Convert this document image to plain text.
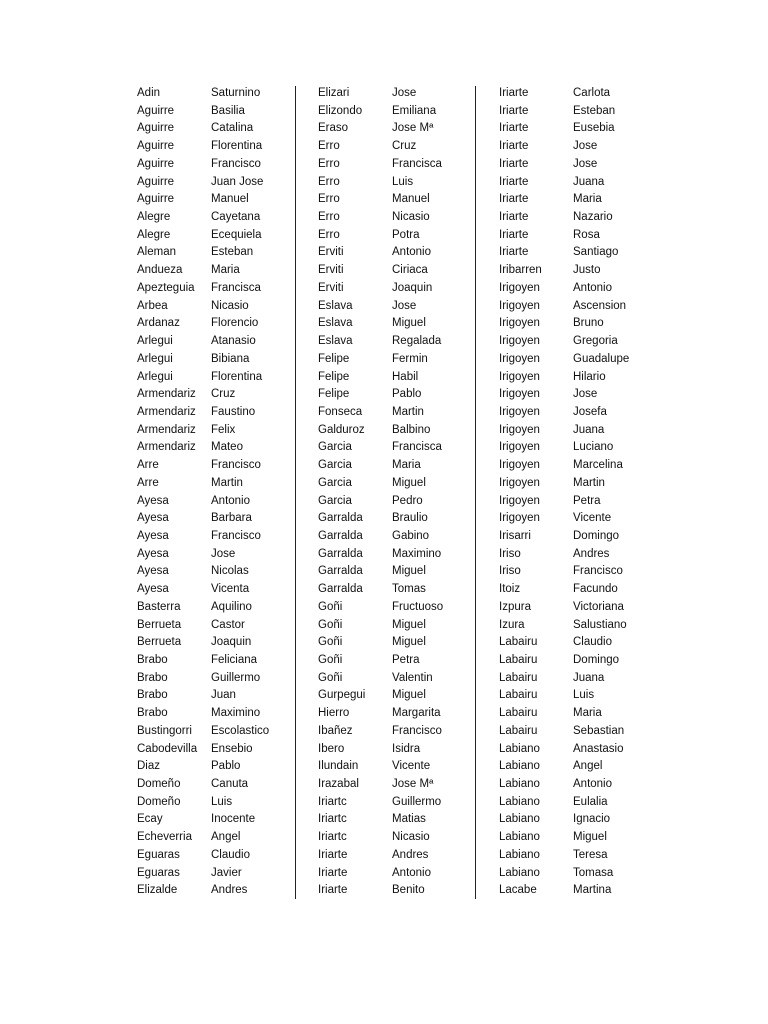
Adin	Saturnino
Aguirre	Basilia
Aguirre	Catalina
Aguirre	Florentina
Aguirre	Francisco
Aguirre	Juan Jose
Aguirre	Manuel
Alegre	Cayetana
Alegre	Ecequiela
Aleman	Esteban
Andueza Maria
Apezteguia Francisca
Arbea	Nicasio
Ardanaz	Florencio
Arlegui	Atanasio
Arlegui	Bibiana
Arlegui	Florentina
Armendariz Cruz
Armendariz Faustino
Armendariz Felix
Armendariz Mateo
Arre	Francisco
Arre	Martin
Ayesa	Antonio
Ayesa	Barbara
Ayesa	Francisco
Ayesa	Jose
Ayesa	Nicolas
Ayesa	Vicenta
Basterra	Aquilino
Berrueta	Castor
Berrueta	Joaquin
Brabo	Feliciana
Brabo	Guillermo
Brabo	Juan
Brabo	Maximino
Bustingorri Escolastico
Cabodevilla Ensebio
Diaz	Pablo
Domeño	Canuta
Domeño	Luis
Ecay	Inocente
Echeverria Angel
Eguaras	Claudio
Eguaras	Javier
Elizalde	Andres
Elizari	Jose
Elizondo	Emiliana
Eraso	Jose Mª
Erro	Cruz
Erro	Francisca
Erro	Luis
Erro	Manuel
Erro	Nicasio
Erro	Potra
Erviti	Antonio
Erviti	Ciriaca
Erviti	Joaquin
Eslava	Jose
Eslava	Miguel
Eslava	Regalada
Felipe	Fermin
Felipe	Habil
Felipe	Pablo
Fonseca	Martin
Galduroz Balbino
Garcia	Francisca
Garcia	Maria
Garcia	Miguel
Garcia	Pedro
Garralda	Braulio
Garralda	Gabino
Garralda	Maximino
Garralda	Miguel
Garralda	Tomas
Goñi	Fructuoso
Goñi	Miguel
Goñi	Miguel
Goñi	Petra
Goñi	Valentin
Gurpegui Miguel
Hierro	Margarita
Ibañez	Francisco
Ibero	Isidra
Ilundain	Vicente
Irazabal	Jose Mª
Iriartc	Guillermo
Iriartc	Matias
Iriartc	Nicasio
Iriarte	Andres
Iriarte	Antonio
Iriarte	Benito
Iriarte	Carlota
Iriarte	Esteban
Iriarte	Eusebia
Iriarte	Jose
Iriarte	Jose
Iriarte	Juana
Iriarte	Maria
Iriarte	Nazario
Iriarte	Rosa
Iriarte	Santiago
Iribarren	Justo
Irigoyen	Antonio
Irigoyen	Ascension
Irigoyen	Bruno
Irigoyen	Gregoria
Irigoyen	Guadalupe
Irigoyen	Hilario
Irigoyen	Jose
Irigoyen	Josefa
Irigoyen	Juana
Irigoyen	Luciano
Irigoyen	Marcelina
Irigoyen	Martin
Irigoyen	Petra
Irigoyen	Vicente
Irisarri	Domingo
Iriso	Andres
Iriso	Francisco
Itoiz	Facundo
Izpura	Victoriana
Izura	Salustiano
Labairu	Claudio
Labairu	Domingo
Labairu	Juana
Labairu	Luis
Labairu	Maria
Labairu	Sebastian
Labiano	Anastasio
Labiano	Angel
Labiano	Antonio
Labiano	Eulalia
Labiano	Ignacio
Labiano	Miguel
Labiano	Teresa
Labiano	Tomasa
Lacabe	Martina
